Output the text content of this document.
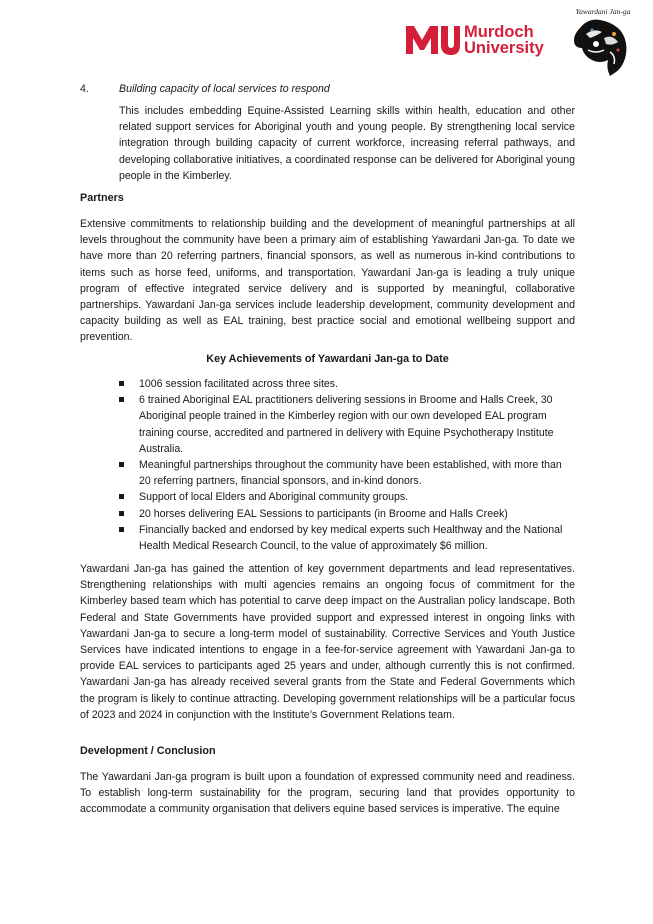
Murdoch
University
Yawardani Jan-ga
4.	Building capacity of local services to respond
This includes embedding Equine-Assisted Learning skills within health, education and other related support services for Aboriginal youth and young people. By strengthening local service integration through building capacity of current workforce, increasing referral pathways, and developing collaborative initiatives, a coordinated response can be delivered for Aboriginal young people in the Kimberley.
Partners
Extensive commitments to relationship building and the development of meaningful partnerships at all levels throughout the community have been a primary aim of establishing Yawardani Jan-ga. To date we have more than 20 referring partners, financial sponsors, as well as numerous in-kind contributions to items such as horse feed, uniforms, and transportation. Yawardani Jan-ga is leading a truly unique program of effective integrated service delivery and is supported by meaningful, collaborative partnerships. Yawardani Jan-ga services include leadership development, community development and capacity building as well as EAL training, best practice social and emotional wellbeing support and prevention.
Key Achievements of Yawardani Jan-ga to Date
1006 session facilitated across three sites.
6 trained Aboriginal EAL practitioners delivering sessions in Broome and Halls Creek, 30 Aboriginal people trained in the Kimberley region with our own developed EAL program training course, accredited and partnered in delivery with Equine Psychotherapy Institute Australia.
Meaningful partnerships throughout the community have been established, with more than 20 referring partners, financial sponsors, and in-kind donors.
Support of local Elders and Aboriginal community groups.
20 horses delivering EAL Sessions to participants (in Broome and Halls Creek)
Financially backed and endorsed by key medical experts such Healthway and the National Health Medical Research Council, to the value of approximately $6 million.
Yawardani Jan-ga has gained the attention of key government departments and lead representatives. Strengthening relationships with multi agencies remains an ongoing focus of commitment for the Kimberley based team which has potential to carve deep impact on the Australian policy landscape. Both Federal and State Governments have provided support and expressed interest in ongoing links with Yawardani Jan-ga to secure a long-term model of sustainability. Corrective Services and Youth Justice Services have indicated intentions to engage in a fee-for-service agreement with Yawardani Jan-ga to provide EAL services to participants aged 25 years and under, although currently this is not confirmed. Yawardani Jan-ga has already received several grants from the State and Federal Governments which the program is likely to continue attracting. Developing government relationships will be a particular focus of 2023 and 2024 in conjunction with the Institute’s Government Relations team.
Development / Conclusion
The Yawardani Jan-ga program is built upon a foundation of expressed community need and readiness. To establish long-term sustainability for the program, securing land that provides opportunity to accommodate a community organisation that delivers equine based services is imperative. The equine
